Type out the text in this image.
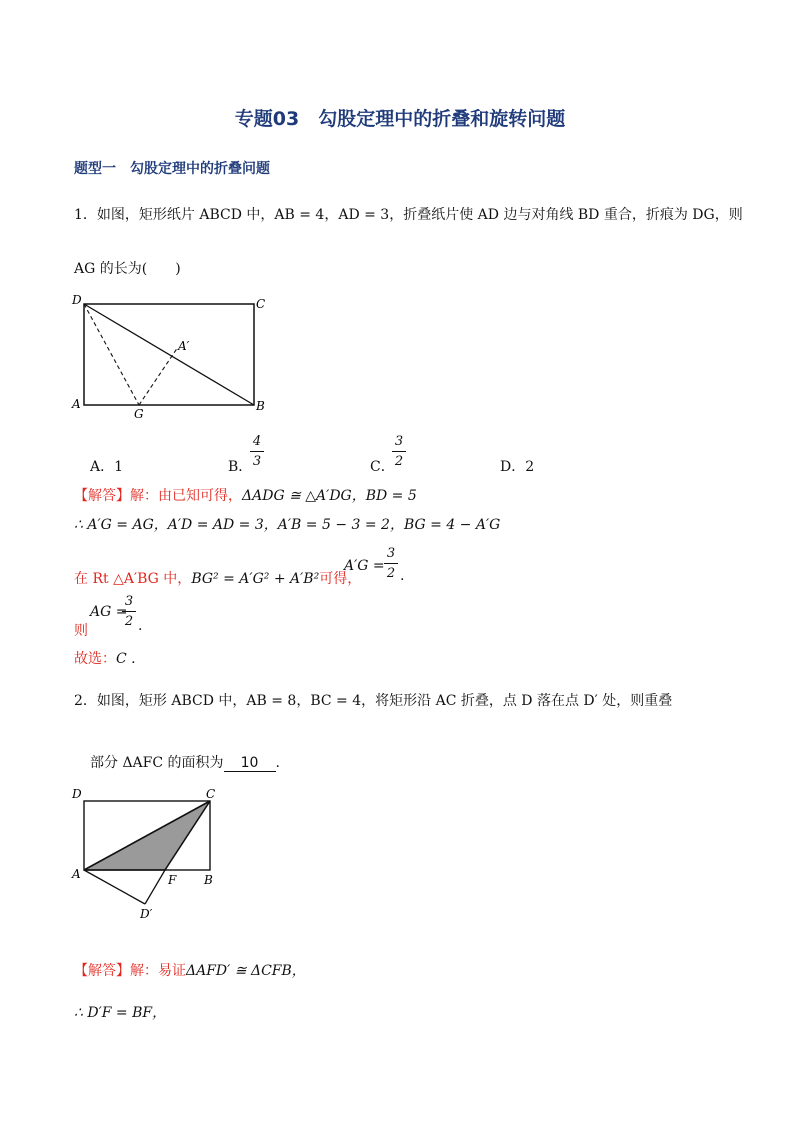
专题03　勾股定理中的折叠和旋转问题
题型一　勾股定理中的折叠问题
1．如图，矩形纸片 ABCD 中，AB = 4，AD = 3，折叠纸片使 AD 边与对角线 BD 重合，折痕为 DG，则
AG 的长为(　　)
D	C
A	B
G
A′
A．1	B．
4
3	C．
3
2	D．2
【解答】解：由已知可得，ΔADG ≅ △A′DG，BD = 5
∴ A′G = AG，A′D = AD = 3，A′B = 5 − 3 = 2，BG = 4 − A′G
在 Rt △A′BG 中，BG² = A′G² + A′B²可得，
A′G =
3
2 .
则
AG =
3
2 .
故选：C .
2．如图，矩形 ABCD 中，AB = 8，BC = 4，将矩形沿 AC 折叠，点 D 落在点 D′ 处，则重叠
部分 ΔAFC 的面积为 10 .
D	C
A	B
F
D′
【解答】解：易证ΔAFD′ ≅ ΔCFB，
∴ D′F = BF，
